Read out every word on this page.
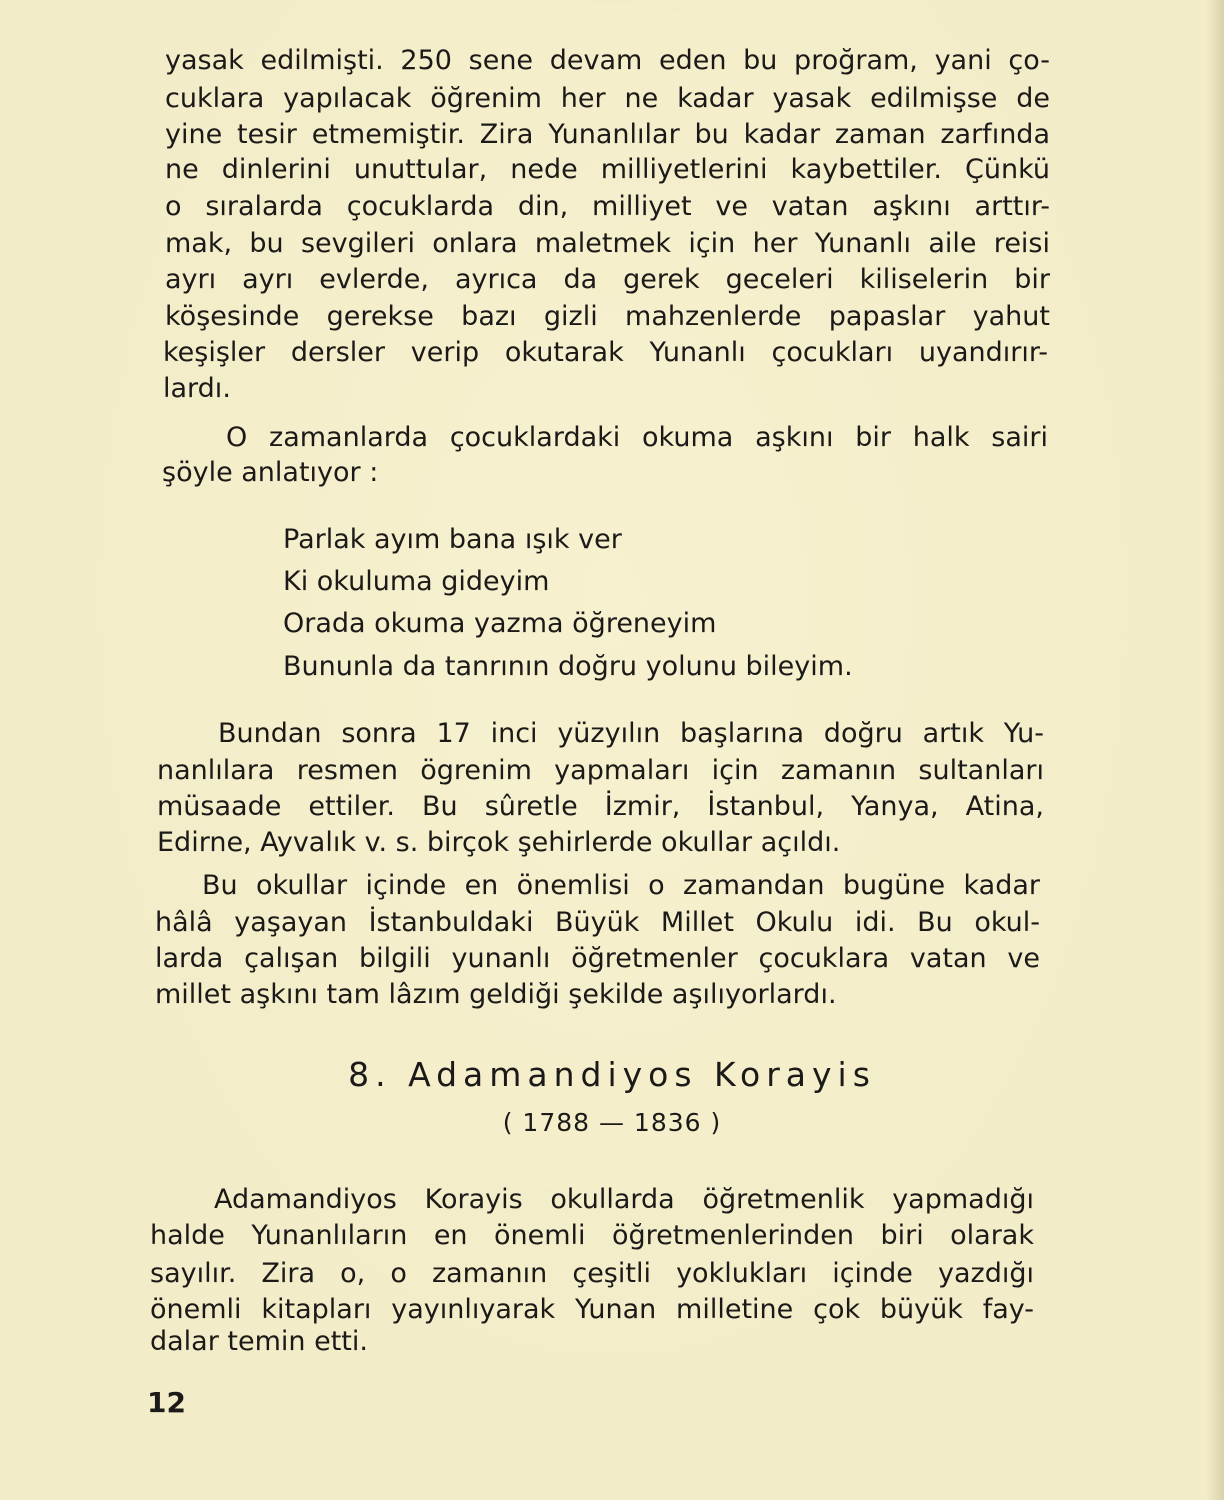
yasak edilmişti. 250 sene devam eden bu proğram, yani ço-

cuklara yapılacak öğrenim her ne kadar yasak edilmişse de

yine tesir etmemiştir. Zira Yunanlılar bu kadar zaman zarfında

ne dinlerini unuttular, nede milliyetlerini kaybettiler. Çünkü

o sıralarda çocuklarda din, milliyet ve vatan aşkını arttır-

mak, bu sevgileri onlara maletmek için her Yunanlı aile reisi

ayrı ayrı evlerde, ayrıca da gerek geceleri kiliselerin bir

köşesinde gerekse bazı gizli mahzenlerde papaslar yahut

keşişler dersler verip okutarak Yunanlı çocukları uyandırır-

lardı.

O zamanlarda çocuklardaki okuma aşkını bir halk sairi

şöyle anlatıyor :

Parlak ayım bana ışık ver

Ki okuluma gideyim

Orada okuma yazma öğreneyim

Bununla da tanrının doğru yolunu bileyim.

Bundan sonra 17 inci yüzyılın başlarına doğru artık Yu-

nanlılara resmen ögrenim yapmaları için zamanın sultanları

müsaade ettiler. Bu sûretle İzmir, İstanbul, Yanya, Atina,

Edirne, Ayvalık v. s. birçok şehirlerde okullar açıldı.

Bu okullar içinde en önemlisi o zamandan bugüne kadar

hâlâ yaşayan İstanbuldaki Büyük Millet Okulu idi. Bu okul-

larda çalışan bilgili yunanlı öğretmenler çocuklara vatan ve

millet aşkını tam lâzım geldiği şekilde aşılıyorlardı.

8. Adamandiyos Korayis
( 1788 — 1836 )

Adamandiyos Korayis okullarda öğretmenlik yapmadığı

halde Yunanlıların en önemli öğretmenlerinden biri olarak

sayılır. Zira o, o zamanın çeşitli yoklukları içinde yazdığı

önemli kitapları yayınlıyarak Yunan milletine çok büyük fay-

dalar temin etti.

12
